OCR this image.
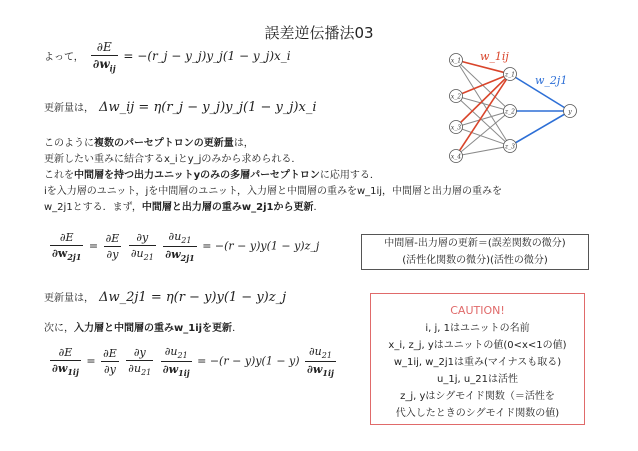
誤差逆伝播法03
よって， $\frac{\partial E}{\partial w_{ij}}$ = −(r_j − y_j)y_j(1 − y_j)x_i
更新量は， Δw_ij = η(r_j − y_j)y_j(1 − y_j)x_i
このように複数のパーセプトロンの更新量は，
更新したい重みに結合するx_iとy_jのみから求められる．
これを中間層を持つ出力ユニットyのみの多層パーセプトロンに応用する．
iを入力層のユニット，jを中間層のユニット，入力層と中間層の重みをw_1ij，中間層と出力層の重みを
w_2j1とする．まず，中間層と出力層の重みw_2j1から更新．
$\frac{\partial E}{\partial w_{2j1}} = \frac{\partial E}{\partial y}$
$\frac{\partial y}{\partial u_{21}}$
$\frac{\partial u_{21}}{\partial w_{2j1}} = -(r - y)y(1$ − y)z_j
更新量は， Δw_2j1 = η(r − y)y(1 − y)z_j
次に，入力層と中間層の重みw_1ijを更新．
$\frac{\partial E}{\partial w_{1ij}} = \frac{\partial E}{\partial y}$
$\frac{\partial y}{\partial u_{21}}$
$\frac{\partial u_{21}}{\partial w_{1ij}} = -(r - y)y(1 - y) \frac{\partial u_{21}}{\partial w_{1ij}}$
中間層-出力層の更新＝(誤差関数の微分)
(活性化関数の微分)(活性の微分)
CAUTION!
i, j, 1はユニットの名前
x_i, z_j, yはユニットの値(0<x<1の値)
w_1ij, w_2j1は重み(マイナスも取る)
u_1j, u_21は活性
z_j, yはシグモイド関数（＝活性を
代入したときのシグモイド関数の値)
x_1
x_2
x_3
x_4
z_1
z_2
z_3
y
w_1ij
w_2j1
